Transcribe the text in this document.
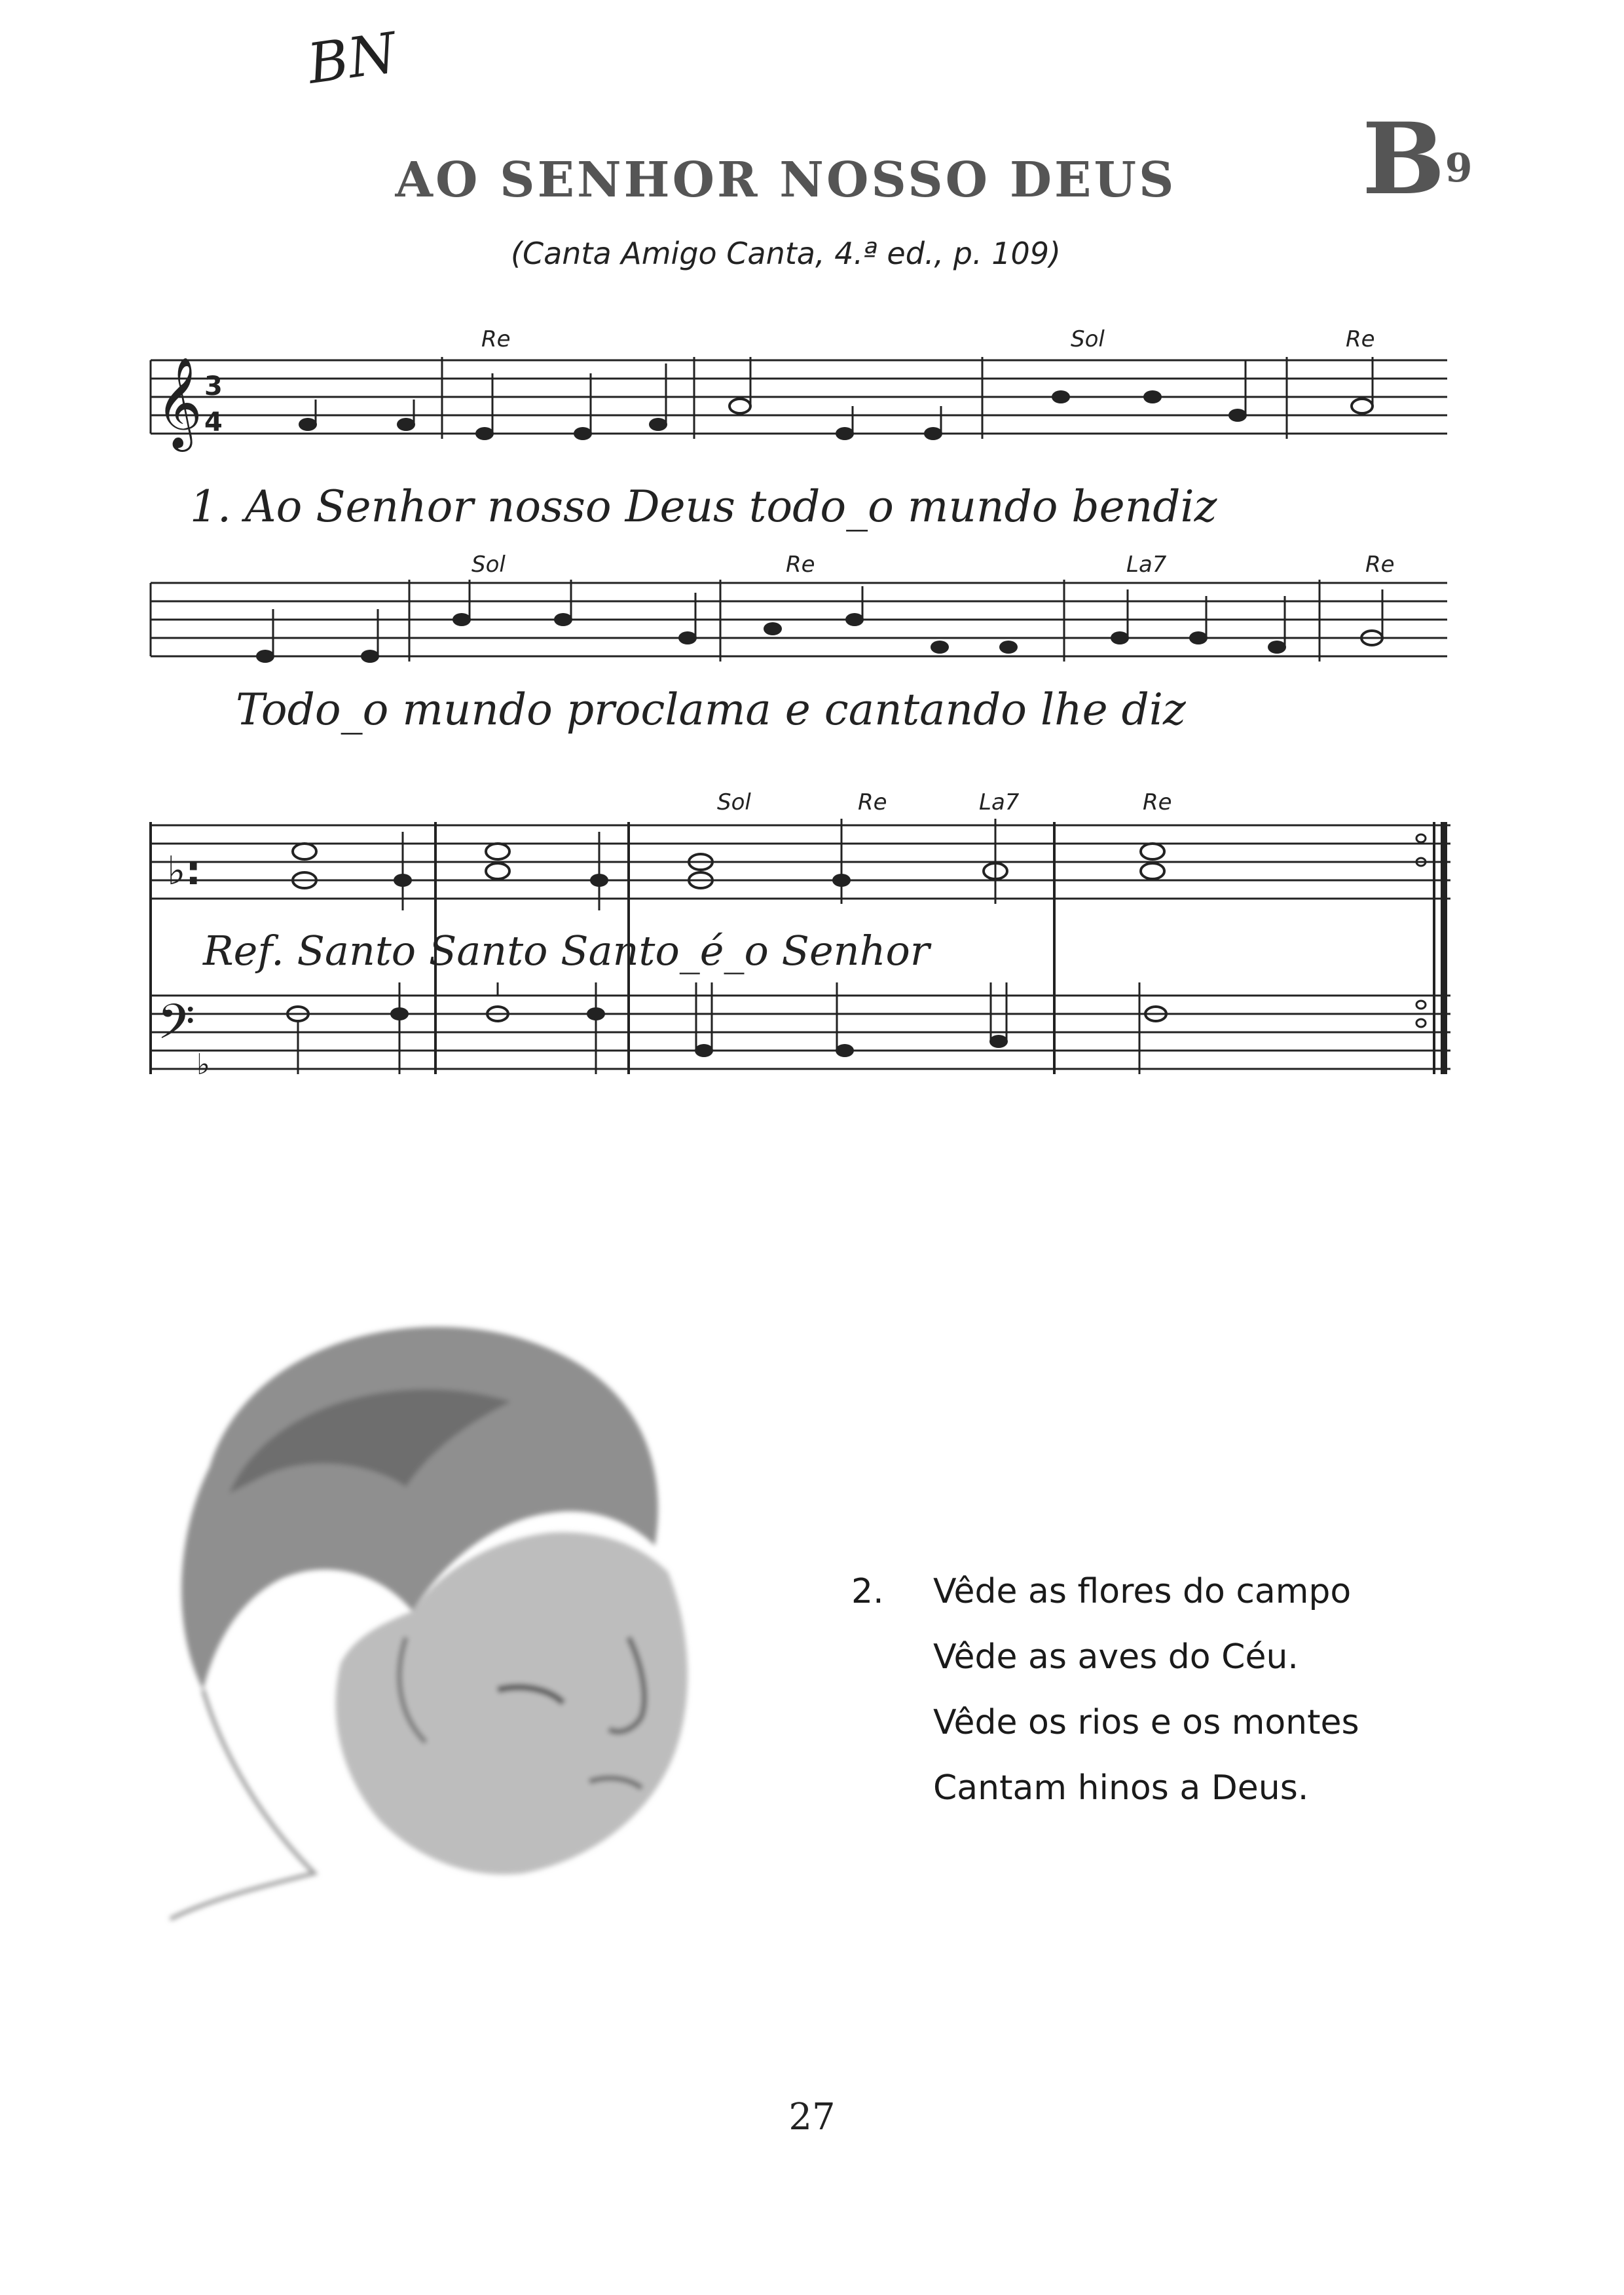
BN
AO SENHOR NOSSO DEUS
(Canta Amigo Canta, 4.ª ed., p. 109)
B9
𝄞 3
4
♭:
𝄢
♭
Re	Sol	Re
Sol	Re	La7	Re
Sol	Re	La7	Re
1. Ao Senhor nosso Deus todo_o mundo bendiz
Todo_o mundo proclama e cantando lhe diz
Ref. Santo Santo Santo_é_o Senhor
2. Vêde as flores do campo
Vêde as aves do Céu.
Vêde os rios e os montes
Cantam hinos a Deus.
27
